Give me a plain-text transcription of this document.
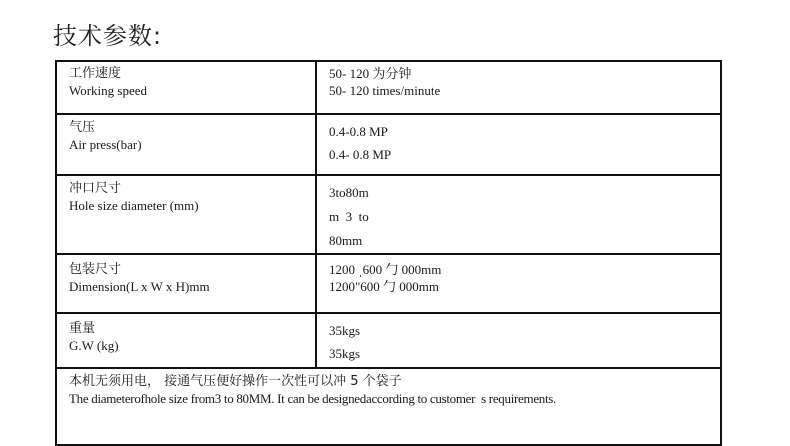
技术参数:
工作速度
Working speed	50- 120 为分钟
50- 120 times/minute

气压
Air press(bar)	0.4-0.8 MP
0.4- 0.8 MP

冲口尺寸
Hole size diameter (mm)	3to80m
m  3  to
80mm

包装尺寸
Dimension(L x W x H)mm	1200 ˌ600 勹 000mm
1200"600 勹 000mm

重量
G.W (kg)	35kgs
35kgs

本机无须用电， 接通气压便好操作一次性可以冲 5 个袋子
The diameterofhole size from3 to 80MM. It can be designedaccording to customer  s requirements.	
